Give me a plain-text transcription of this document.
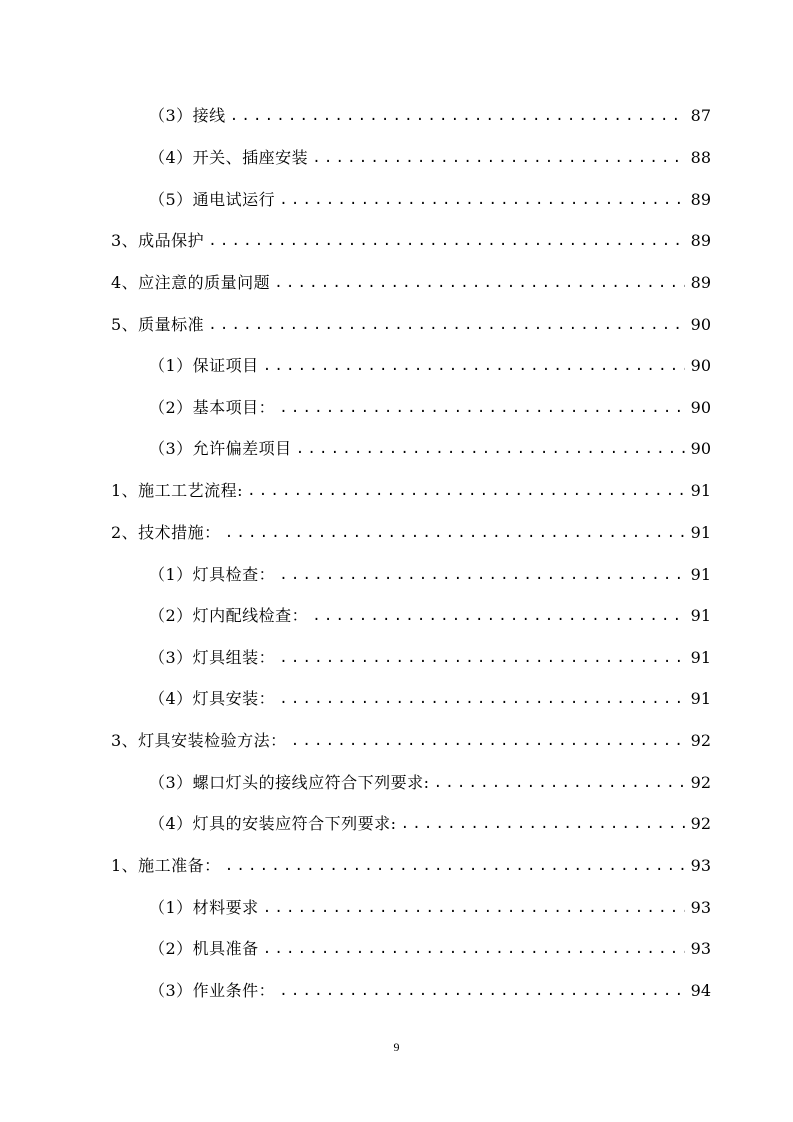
（3）接线 .....	87
（4）开关、插座安装 .....	88
（5）通电试运行 .....	89
3、成品保护 .....	89
4、应注意的质量问题 .....	89
5、质量标准 .....	90
（1）保证项目 .....	90
（2）基本项目： .....	90
（3）允许偏差项目 .....	90
1、施工工艺流程: .....	91
2、技术措施： .....	91
（1）灯具检查： .....	91
（2）灯内配线检查： .....	91
（3）灯具组装： .....	91
（4）灯具安装： .....	91
3、灯具安装检验方法： .....	92
（3）螺口灯头的接线应符合下列要求: .....	92
（4）灯具的安装应符合下列要求: .....	92
1、施工准备： .....	93
（1）材料要求 .....	93
（2）机具准备 .....	93
（3）作业条件： .....	94
9
